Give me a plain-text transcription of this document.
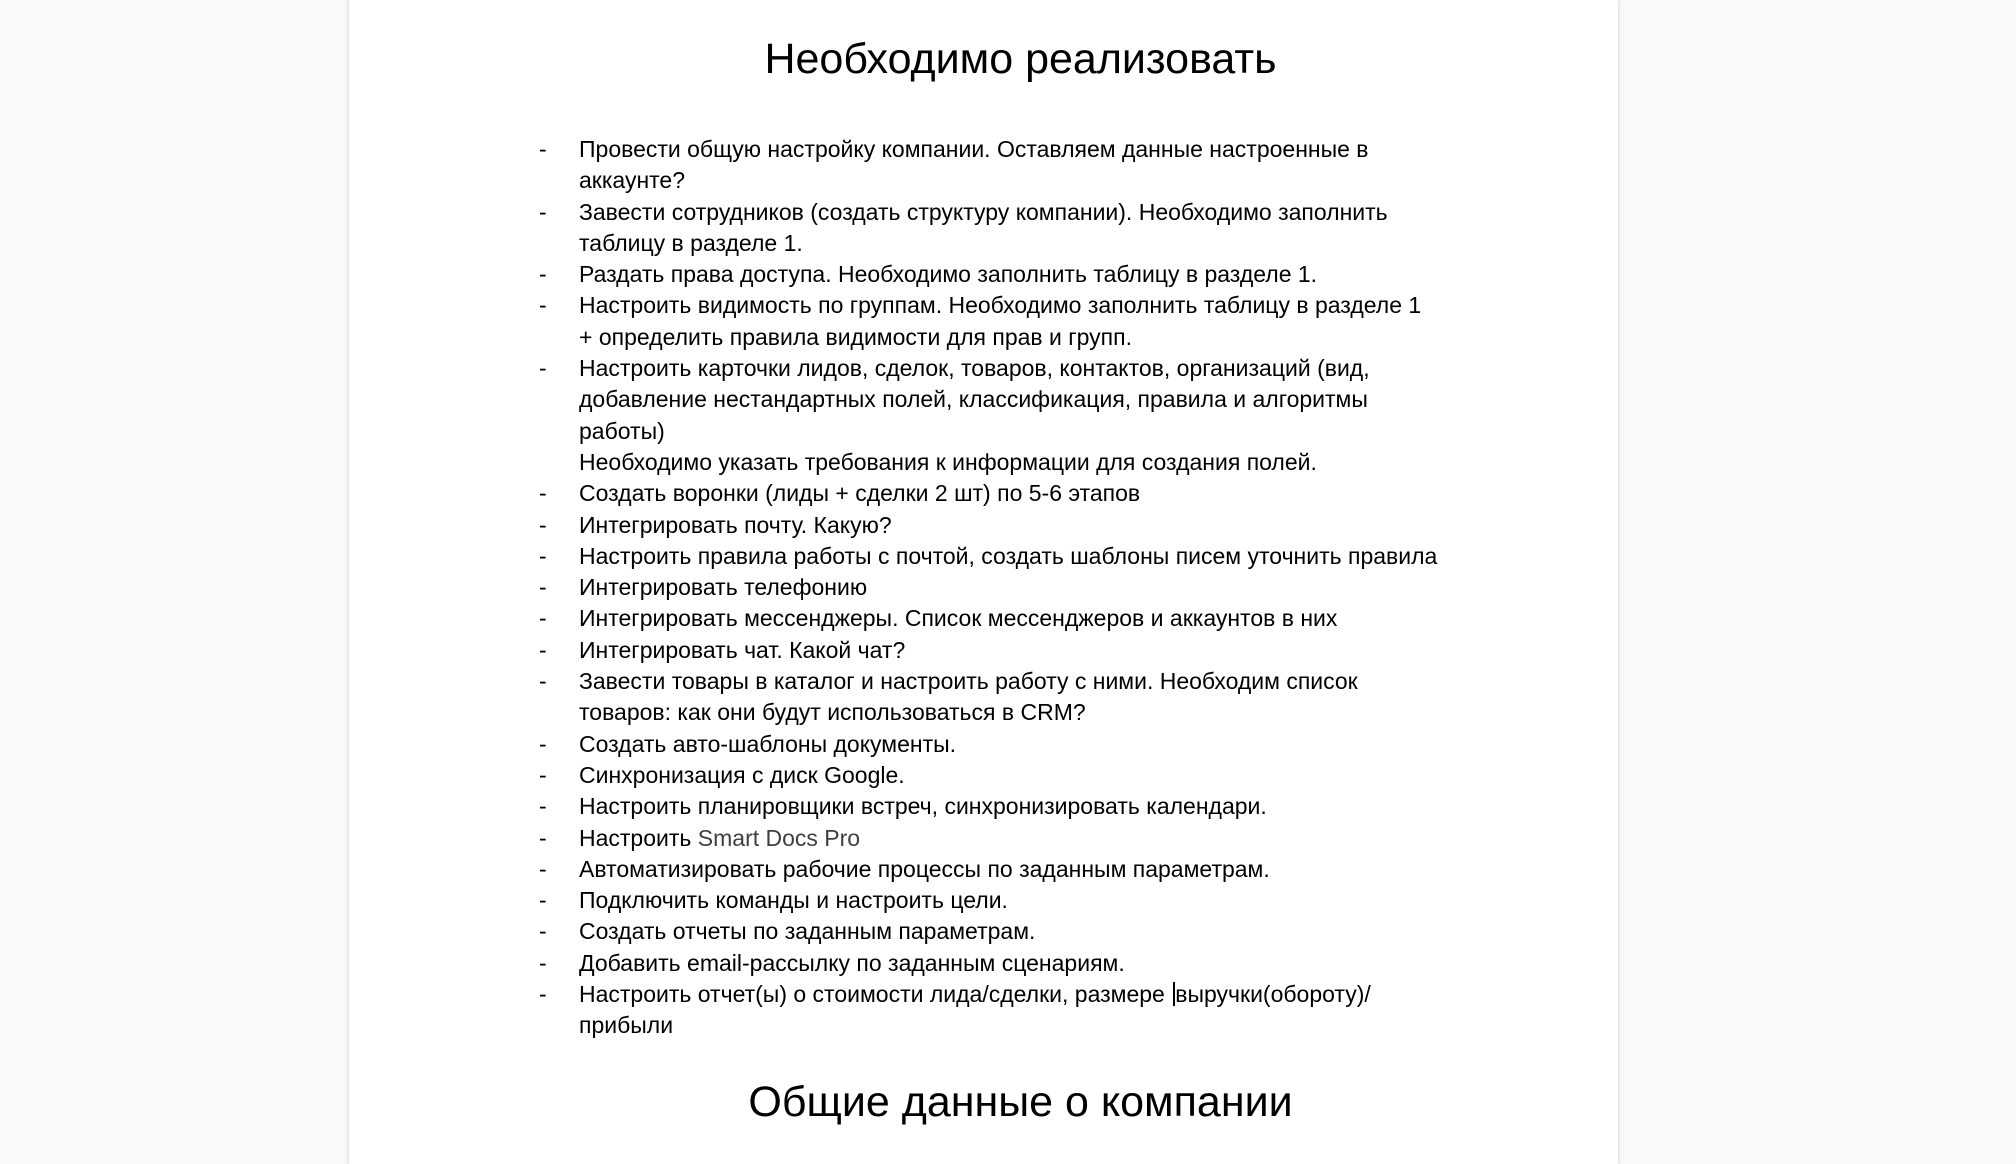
Необходимо реализовать
-	Провести общую настройку компании. Оставляем данные настроенные в аккаунте?
-	Завести сотрудников (создать структуру компании). Необходимо заполнить таблицу в разделе 1.
-	Раздать права доступа. Необходимо заполнить таблицу в разделе 1.
-	Настроить видимость по группам. Необходимо заполнить таблицу в разделе 1 + определить правила видимости для прав и групп.
-	Настроить карточки лидов, сделок, товаров, контактов, организаций (вид, добавление нестандартных полей, классификация, правила и алгоритмы работы)
Необходимо указать требования к информации для создания полей.
-	Создать воронки (лиды + сделки 2 шт) по 5-6 этапов
-	Интегрировать почту. Какую?
-	Настроить правила работы с почтой, создать шаблоны писем уточнить правила
-	Интегрировать телефонию
-	Интегрировать мессенджеры. Список мессенджеров и аккаунтов в них
-	Интегрировать чат. Какой чат?
-	Завести товары в каталог и настроить работу с ними. Необходим список товаров: как они будут использоваться в CRM?
-	Создать авто-шаблоны документы.
-	Синхронизация с диск Google.
-	Настроить планировщики встреч, синхронизировать календари.
-	Настроить Smart Docs Pro
-	Автоматизировать рабочие процессы по заданным параметрам.
-	Подключить команды и настроить цели.
-	Создать отчеты по заданным параметрам.
-	Добавить email-рассылку по заданным сценариям.
-	Настроить отчет(ы) о стоимости лида/сделки, размере выручки(обороту)/прибыли
Общие данные о компании
